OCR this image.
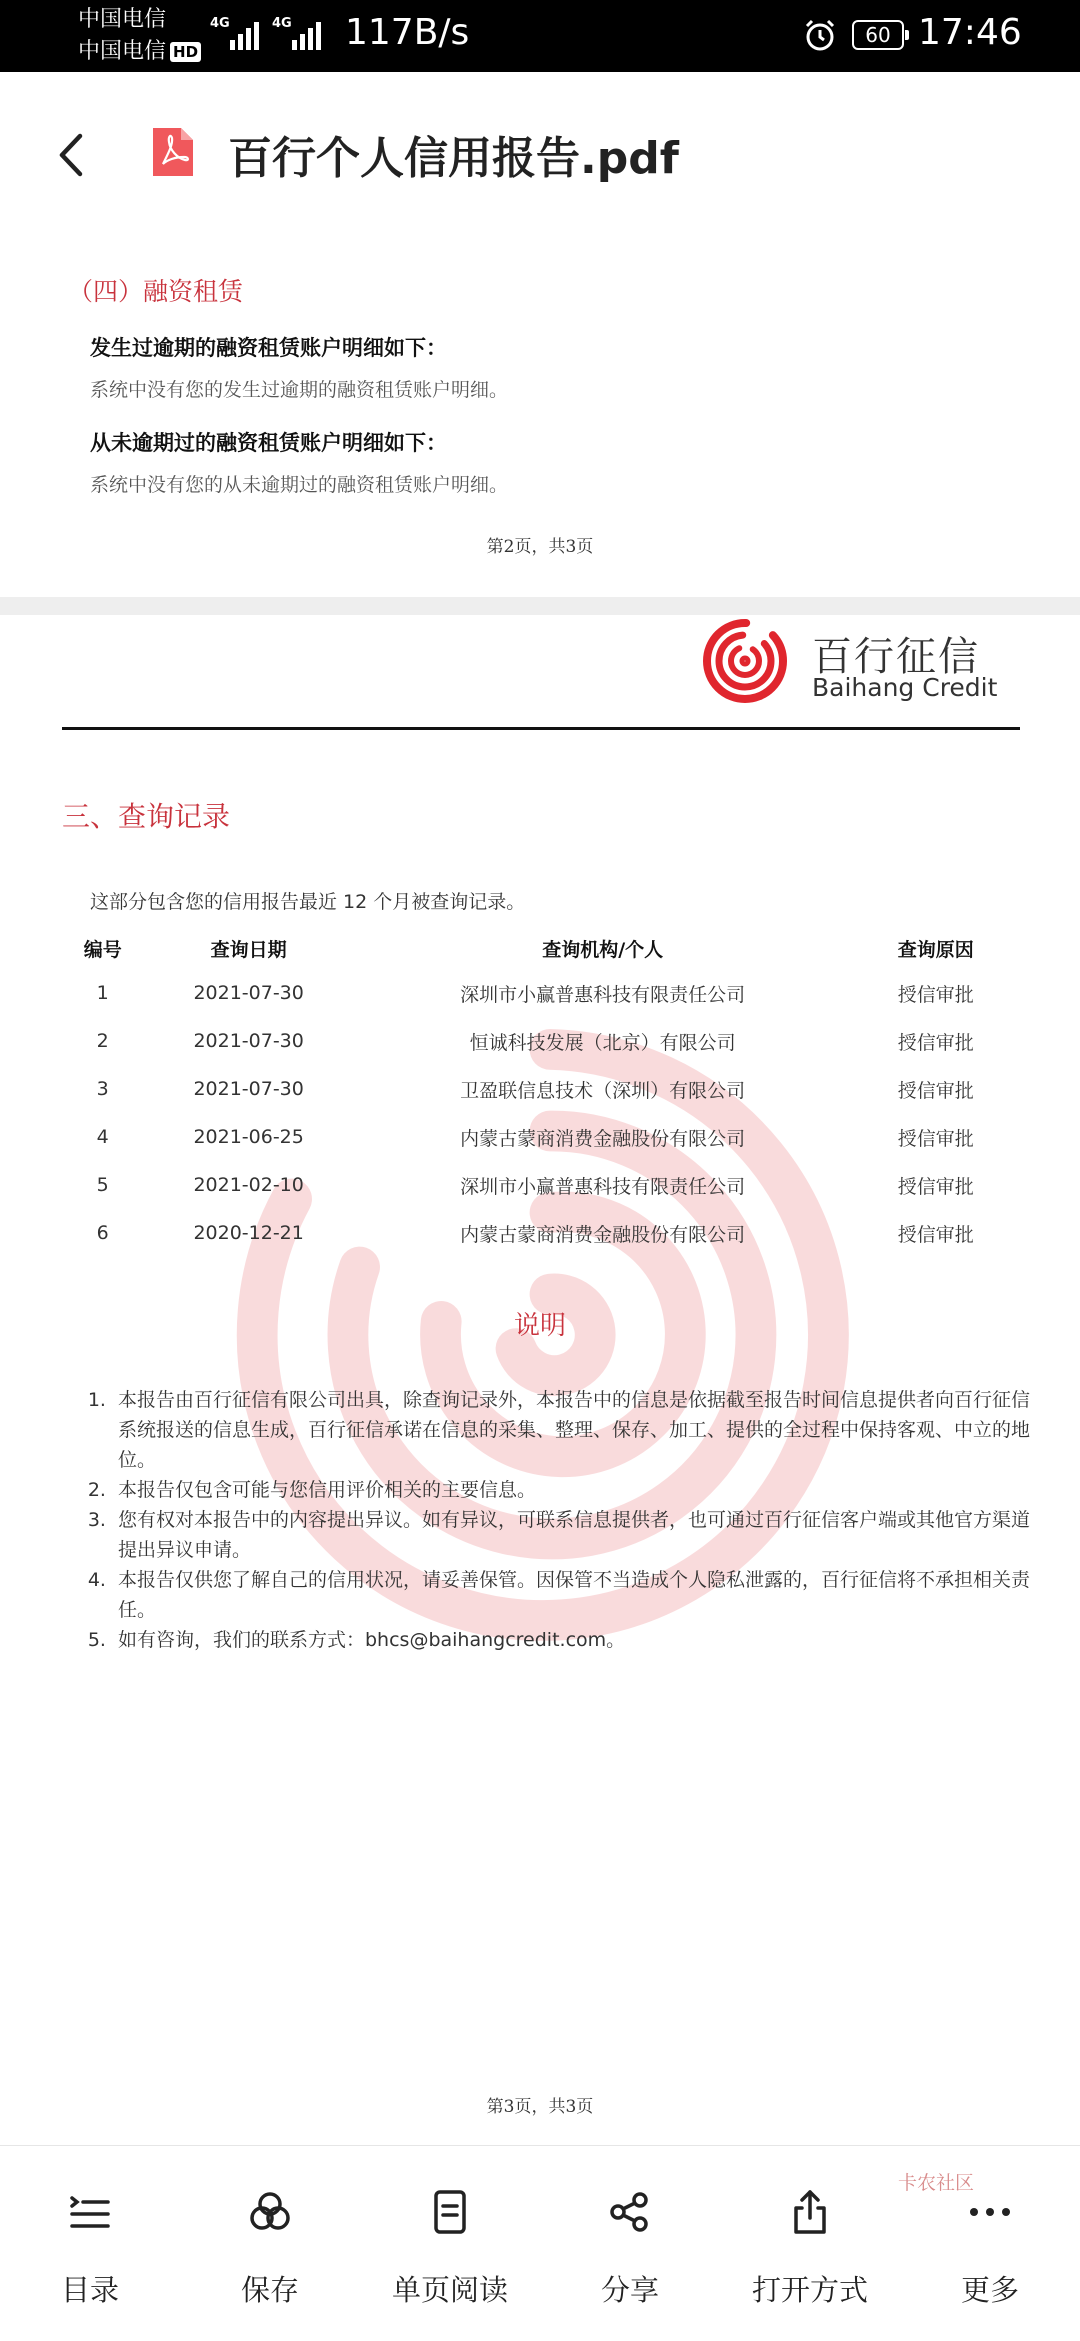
中国电信
中国电信 HD
4G	4G 117B/s	60 17:46
百行个人信用报告.pdf
（四）融资租赁
发生过逾期的融资租赁账户明细如下：
系统中没有您的发生过逾期的融资租赁账户明细。
从未逾期过的融资租赁账户明细如下：
系统中没有您的从未逾期过的融资租赁账户明细。
第2页，共3页
百行征信
Baihang Credit
三、查询记录
这部分包含您的信用报告最近 12 个月被查询记录。
编号	查询日期	查询机构/个人	查询原因
1	2021-07-30	深圳市小赢普惠科技有限责任公司	授信审批
2	2021-07-30	恒诚科技发展（北京）有限公司	授信审批
3	2021-07-30	卫盈联信息技术（深圳）有限公司	授信审批
4	2021-06-25	内蒙古蒙商消费金融股份有限公司	授信审批
5	2021-02-10	深圳市小赢普惠科技有限责任公司	授信审批
6	2020-12-21	内蒙古蒙商消费金融股份有限公司	授信审批
说明
1. 本报告由百行征信有限公司出具，除查询记录外，本报告中的信息是依据截至报告时间信息提供者向百行征信系统报送的信息生成，百行征信承诺在信息的采集、整理、保存、加工、提供的全过程中保持客观、中立的地位。
2. 本报告仅包含可能与您信用评价相关的主要信息。
3. 您有权对本报告中的内容提出异议。如有异议，可联系信息提供者，也可通过百行征信客户端或其他官方渠道提出异议申请。
4. 本报告仅供您了解自己的信用状况，请妥善保管。因保管不当造成个人隐私泄露的，百行征信将不承担相关责任。
5. 如有咨询，我们的联系方式：bhcs@baihangcredit.com。
第3页，共3页
目录	保存	单页阅读	分享	打开方式	更多
卡农社区
